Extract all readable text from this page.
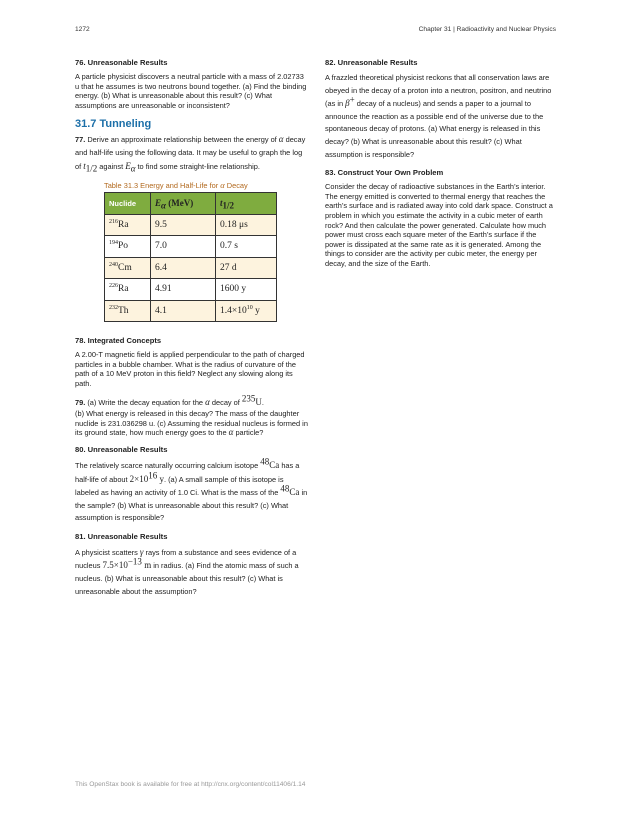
1272	Chapter 31 | Radioactivity and Nuclear Physics
76. Unreasonable Results
A particle physicist discovers a neutral particle with a mass of 2.02733 u that he assumes is two neutrons bound together. (a) Find the binding energy. (b) What is unreasonable about this result? (c) What assumptions are unreasonable or inconsistent?
31.7 Tunneling
77. Derive an approximate relationship between the energy of α decay and half-life using the following data. It may be useful to graph the log of $t_{1/2}$ against $E_\alpha$ to find some straight-line relationship.
Table 31.3 Energy and Half-Life for α Decay
Nuclide	$E_\alpha$ (MeV)	$t_{1/2}$
$^{216}$Ra	9.5	0.18 μs
$^{194}$Po	7.0	0.7 s
$^{240}$Cm	6.4	27 d
$^{226}$Ra	4.91	1600 y
$^{232}$Th	4.1	$1.4\times 10^{10}$ y
78. Integrated Concepts
A 2.00-T magnetic field is applied perpendicular to the path of charged particles in a bubble chamber. What is the radius of curvature of the path of a 10 MeV proton in this field? Neglect any slowing along its path.
79. (a) Write the decay equation for the α decay of $^{235}$U.
(b) What energy is released in this decay? The mass of the daughter nuclide is 231.036298 u. (c) Assuming the residual nucleus is formed in its ground state, how much energy goes to the α particle?
80. Unreasonable Results
The relatively scarce naturally occurring calcium isotope $^{48}$Ca has a half-life of about $2\times 10^{16}$ y. (a) A small sample of this isotope is labeled as having an activity of 1.0 Ci. What is the mass of the $^{48}$Ca in the sample? (b) What is unreasonable about this result? (c) What assumption is responsible?
81. Unreasonable Results
A physicist scatters γ rays from a substance and sees evidence of a nucleus $7.5\times 10^{-13}$ m in radius. (a) Find the atomic mass of such a nucleus. (b) What is unreasonable about this result? (c) What is unreasonable about the assumption?
82. Unreasonable Results
A frazzled theoretical physicist reckons that all conservation laws are obeyed in the decay of a proton into a neutron, positron, and neutrino (as in β+ decay of a nucleus) and sends a paper to a journal to announce the reaction as a possible end of the universe due to the spontaneous decay of protons. (a) What energy is released in this decay? (b) What is unreasonable about this result? (c) What assumption is responsible?
83. Construct Your Own Problem
Consider the decay of radioactive substances in the Earth’s interior. The energy emitted is converted to thermal energy that reaches the earth’s surface and is radiated away into cold dark space. Construct a problem in which you estimate the activity in a cubic meter of earth rock? And then calculate the power generated. Calculate how much power must cross each square meter of the Earth’s surface if the power is dissipated at the same rate as it is generated. Among the things to consider are the activity per cubic meter, the energy per decay, and the size of the Earth.
This OpenStax book is available for free at http://cnx.org/content/col11406/1.14
